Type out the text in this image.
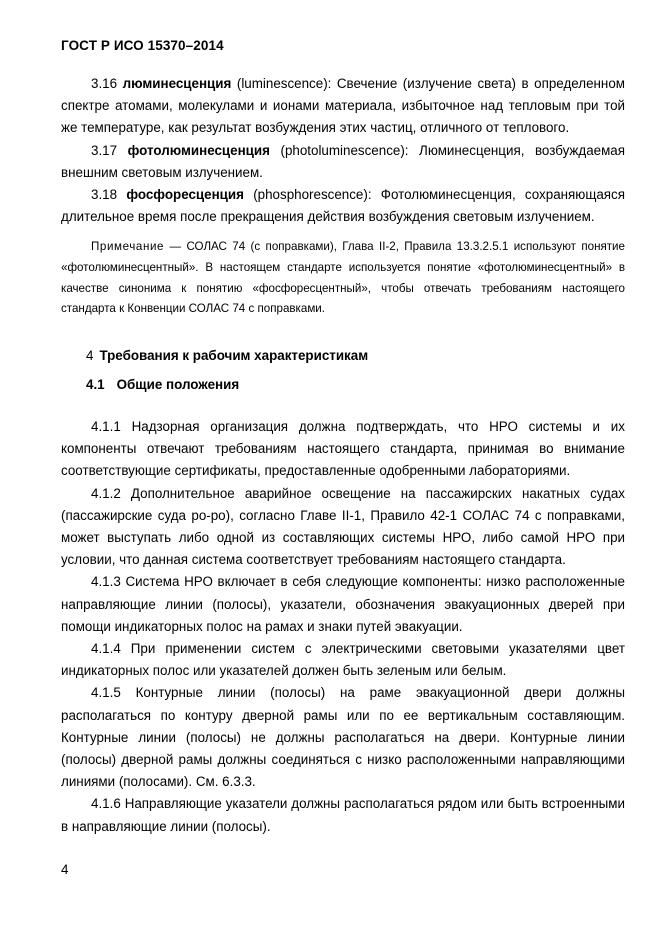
ГОСТ Р ИСО 15370–2014

3.16 люминесценция (luminescence): Свечение (излучение света) в определенном спектре атомами, молекулами и ионами материала, избыточное над тепловым при той же температуре, как результат возбуждения этих частиц, отличного от теплового.

3.17 фотолюминесценция (photoluminescence): Люминесценция, возбуждаемая внешним световым излучением.

3.18 фосфоресценция (phosphorescence): Фотолюминесценция, сохраняющаяся длительное время после прекращения действия возбуждения световым излучением.

Примечание — СОЛАС 74 (с поправками), Глава II-2, Правила 13.3.2.5.1 используют понятие «фотолюминесцентный». В настоящем стандарте используется понятие «фотолюминесцентный» в качестве синонима к понятию «фосфоресцентный», чтобы отвечать требованиям настоящего стандарта к Конвенции СОЛАС 74 с поправками.

4 Требования к рабочим характеристикам
4.1 Общие положения

4.1.1 Надзорная организация должна подтверждать, что НРО системы и их компоненты отвечают требованиям настоящего стандарта, принимая во внимание соответствующие сертификаты, предоставленные одобренными лабораториями.

4.1.2 Дополнительное аварийное освещение на пассажирских накатных судах (пассажирские суда ро-ро), согласно Главе II-1, Правило 42-1 СОЛАС 74 с поправками, может выступать либо одной из составляющих системы НРО, либо самой НРО при условии, что данная система соответствует требованиям настоящего стандарта.

4.1.3 Система НРО включает в себя следующие компоненты: низко расположенные направляющие линии (полосы), указатели, обозначения эвакуационных дверей при помощи индикаторных полос на рамах и знаки путей эвакуации.

4.1.4 При применении систем с электрическими световыми указателями цвет индикаторных полос или указателей должен быть зеленым или белым.

4.1.5 Контурные линии (полосы) на раме эвакуационной двери должны располагаться по контуру дверной рамы или по ее вертикальным составляющим. Контурные линии (полосы) не должны располагаться на двери. Контурные линии (полосы) дверной рамы должны соединяться с низко расположенными направляющими линиями (полосами). См. 6.3.3.

4.1.6 Направляющие указатели должны располагаться рядом или быть встроенными в направляющие линии (полосы).

4
